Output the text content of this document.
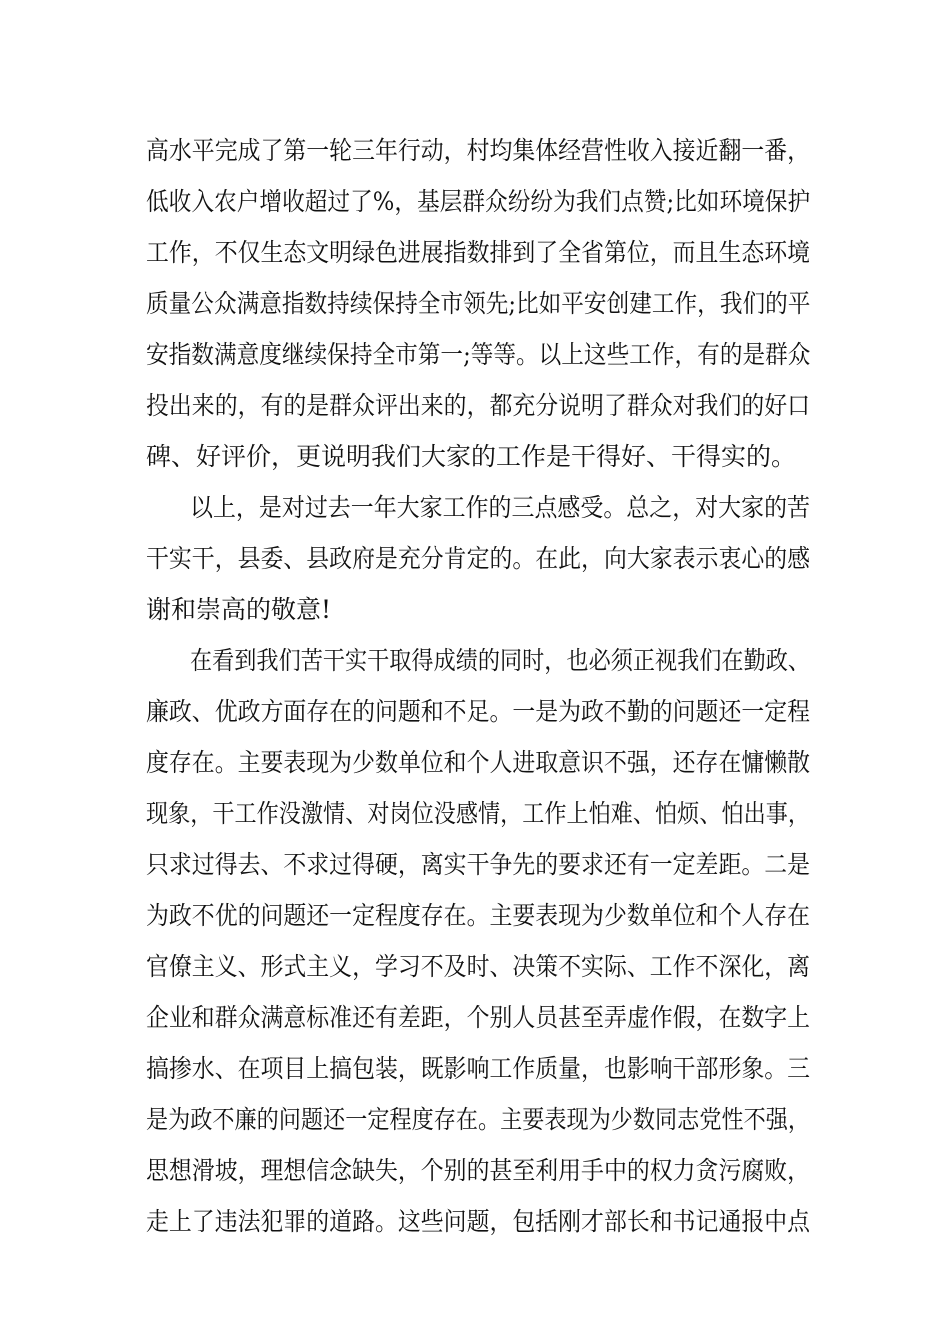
高水平完成了第一轮三年行动，村均集体经营性收入接近翻一番，
低收入农户增收超过了%，基层群众纷纷为我们点赞;比如环境保护
工作，不仅生态文明绿色进展指数排到了全省第位，而且生态环境
质量公众满意指数持续保持全市领先;比如平安创建工作，我们的平
安指数满意度继续保持全市第一;等等。以上这些工作，有的是群众
投出来的，有的是群众评出来的，都充分说明了群众对我们的好口
碑、好评价，更说明我们大家的工作是干得好、干得实的。
以上，是对过去一年大家工作的三点感受。总之，对大家的苦
干实干，县委、县政府是充分肯定的。在此，向大家表示衷心的感
谢和崇高的敬意!
在看到我们苦干实干取得成绩的同时，也必须正视我们在勤政、
廉政、优政方面存在的问题和不足。一是为政不勤的问题还一定程
度存在。主要表现为少数单位和个人进取意识不强，还存在慵懒散
现象，干工作没激情、对岗位没感情，工作上怕难、怕烦、怕出事，
只求过得去、不求过得硬，离实干争先的要求还有一定差距。二是
为政不优的问题还一定程度存在。主要表现为少数单位和个人存在
官僚主义、形式主义，学习不及时、决策不实际、工作不深化，离
企业和群众满意标准还有差距，个别人员甚至弄虚作假，在数字上
搞掺水、在项目上搞包装，既影响工作质量，也影响干部形象。三
是为政不廉的问题还一定程度存在。主要表现为少数同志党性不强，
思想滑坡，理想信念缺失，个别的甚至利用手中的权力贪污腐败，
走上了违法犯罪的道路。这些问题，包括刚才部长和书记通报中点
